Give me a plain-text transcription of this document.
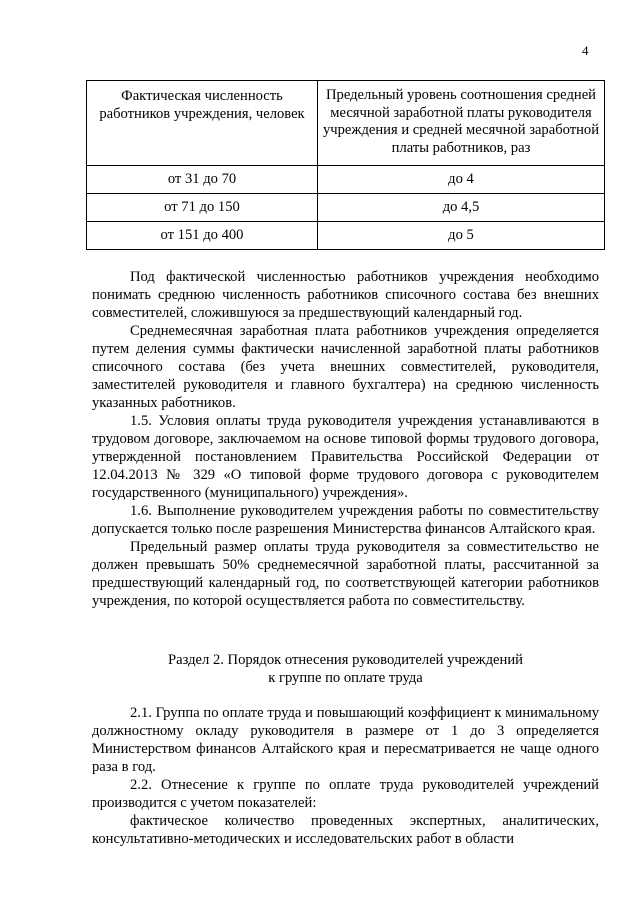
4
Фактическая численность работников учреждения, человек	Предельный уровень соотношения средней месячной заработной платы руководителя учреждения и средней месячной заработной платы работников, раз
от 31 до 70	до 4
от 71 до 150	до 4,5
от 151 до 400	до 5

Под фактической численностью работников учреждения необходимо понимать среднюю численность работников списочного состава без внешних совместителей, сложившуюся за предшествующий календарный год.

Среднемесячная заработная плата работников учреждения определяется путем деления суммы фактически начисленной заработной платы работников списочного состава (без учета внешних совместителей, руководителя, заместителей руководителя и главного бухгалтера) на среднюю численность указанных работников.

1.5. Условия оплаты труда руководителя учреждения устанавливаются в трудовом договоре, заключаемом на основе типовой формы трудового договора, утвержденной постановлением Правительства Российской Федерации от 12.04.2013 № 329 «О типовой форме трудового договора с руководителем государственного (муниципального) учреждения».

1.6. Выполнение руководителем учреждения работы по совместительству допускается только после разрешения Министерства финансов Алтайского края.

Предельный размер оплаты труда руководителя за совместительство не должен превышать 50% среднемесячной заработной платы, рассчитанной за предшествующий календарный год, по соответствующей категории работников учреждения, по которой осуществляется работа по совместительству.

Раздел 2. Порядок отнесения руководителей учреждений

к группе по оплате труда

2.1. Группа по оплате труда и повышающий коэффициент к минимальному должностному окладу руководителя в размере от 1 до 3 определяется Министерством финансов Алтайского края и пересматривается не чаще одного раза в год.

2.2. Отнесение к группе по оплате труда руководителей учреждений производится с учетом показателей:

фактическое количество проведенных экспертных, аналитических, консультативно-методических и исследовательских работ в области
